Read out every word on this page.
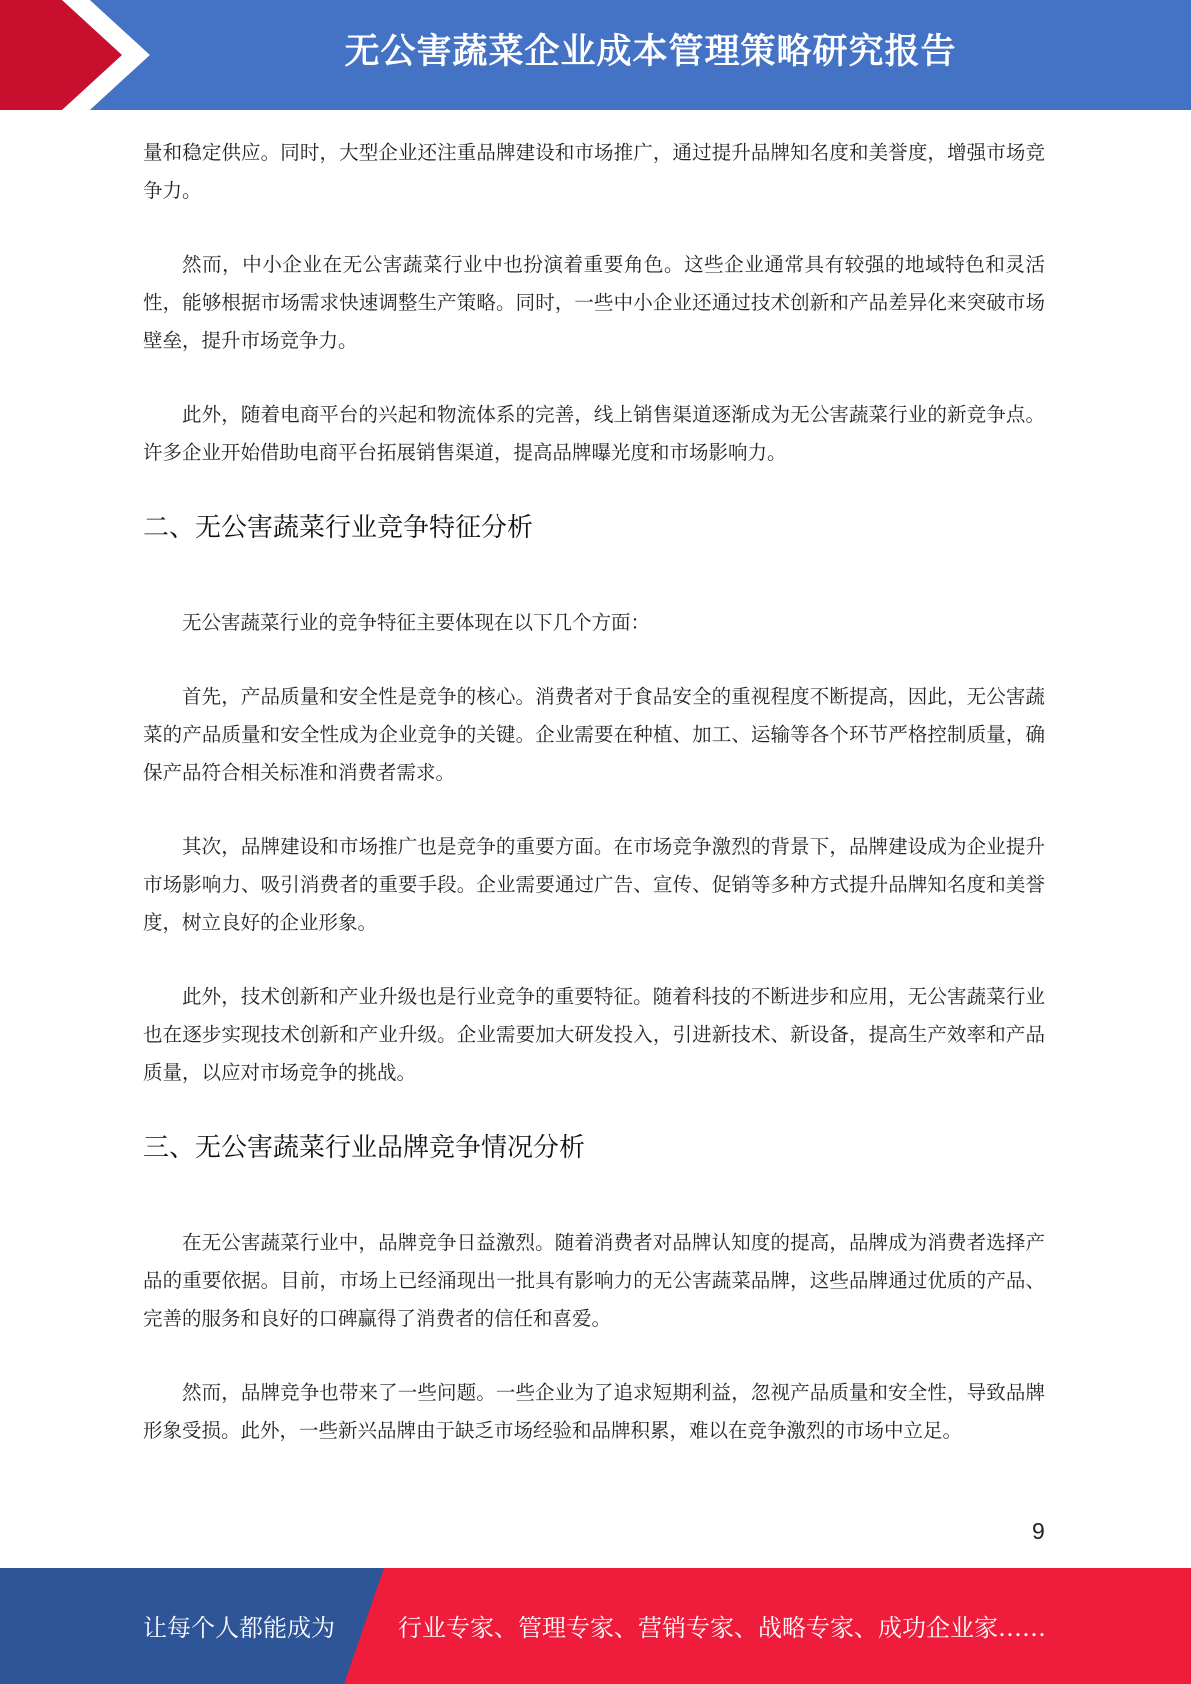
无公害蔬菜企业成本管理策略研究报告

量和稳定供应。同时，大型企业还注重品牌建设和市场推广，通过提升品牌知名度和美誉度，增强市场竞争力。

然而，中小企业在无公害蔬菜行业中也扮演着重要角色。这些企业通常具有较强的地域特色和灵活性，能够根据市场需求快速调整生产策略。同时，一些中小企业还通过技术创新和产品差异化来突破市场壁垒，提升市场竞争力。

此外，随着电商平台的兴起和物流体系的完善，线上销售渠道逐渐成为无公害蔬菜行业的新竞争点。许多企业开始借助电商平台拓展销售渠道，提高品牌曝光度和市场影响力。

二、无公害蔬菜行业竞争特征分析

无公害蔬菜行业的竞争特征主要体现在以下几个方面：

首先，产品质量和安全性是竞争的核心。消费者对于食品安全的重视程度不断提高，因此，无公害蔬菜的产品质量和安全性成为企业竞争的关键。企业需要在种植、加工、运输等各个环节严格控制质量，确保产品符合相关标准和消费者需求。

其次，品牌建设和市场推广也是竞争的重要方面。在市场竞争激烈的背景下，品牌建设成为企业提升市场影响力、吸引消费者的重要手段。企业需要通过广告、宣传、促销等多种方式提升品牌知名度和美誉度，树立良好的企业形象。

此外，技术创新和产业升级也是行业竞争的重要特征。随着科技的不断进步和应用，无公害蔬菜行业也在逐步实现技术创新和产业升级。企业需要加大研发投入，引进新技术、新设备，提高生产效率和产品质量，以应对市场竞争的挑战。

三、无公害蔬菜行业品牌竞争情况分析

在无公害蔬菜行业中，品牌竞争日益激烈。随着消费者对品牌认知度的提高，品牌成为消费者选择产品的重要依据。目前，市场上已经涌现出一批具有影响力的无公害蔬菜品牌，这些品牌通过优质的产品、完善的服务和良好的口碑赢得了消费者的信任和喜爱。

然而，品牌竞争也带来了一些问题。一些企业为了追求短期利益，忽视产品质量和安全性，导致品牌形象受损。此外，一些新兴品牌由于缺乏市场经验和品牌积累，难以在竞争激烈的市场中立足。

9
让每个人都能成为	行业专家、管理专家、营销专家、战略专家、成功企业家……
